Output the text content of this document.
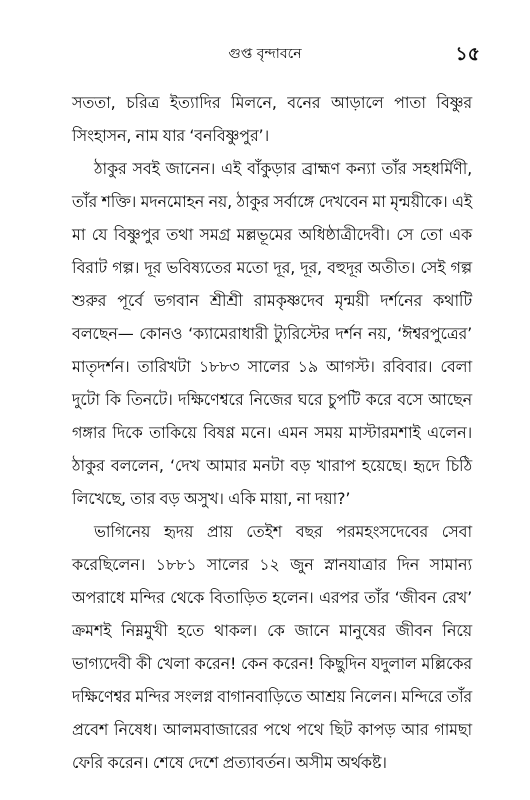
গুপ্ত বৃন্দাবনে	১৫

সততা, চরিত্র ইত্যাদির মিলনে, বনের আড়ালে পাতা বিষ্ণুর সিংহাসন, নাম যার ‘বনবিষ্ণুপুর’।

ঠাকুর সবই জানেন। এই বাঁকুড়ার ব্রাহ্মণ কন্যা তাঁর সহধর্মিণী, তাঁর শক্তি। মদনমোহন নয়, ঠাকুর সর্বাঙ্গে দেখবেন মা মৃন্ময়ীকে। এই মা যে বিষ্ণুপুর তথা সমগ্র মল্লভূমের অধিষ্ঠাত্রীদেবী। সে তো এক বিরাট গল্প। দূর ভবিষ্যতের মতো দূর, দূর, বহুদূর অতীত। সেই গল্প শুরুর পূর্বে ভগবান শ্রীশ্রী রামকৃষ্ণদেব মৃন্ময়ী দর্শনের কথাটি বলছেন— কোনও ‘ক্যামেরাধারী ট্যুরিস্টের দর্শন নয়, ‘ঈশ্বরপুত্রের’ মাতৃদর্শন। তারিখটা ১৮৮৩ সালের ১৯ আগস্ট। রবিবার। বেলা দুটো কি তিনটে। দক্ষিণেশ্বরে নিজের ঘরে চুপটি করে বসে আছেন গঙ্গার দিকে তাকিয়ে বিষণ্ণ মনে। এমন সময় মাস্টারমশাই এলেন। ঠাকুর বললেন, ‘দেখ আমার মনটা বড় খারাপ হয়েছে। হৃদে চিঠি লিখেছে, তার বড় অসুখ। একি মায়া, না দয়া?’

ভাগিনেয় হৃদয় প্রায় তেইশ বছর পরমহংসদেবের সেবা করেছিলেন। ১৮৮১ সালের ১২ জুন স্নানযাত্রার দিন সামান্য অপরাধে মন্দির থেকে বিতাড়িত হলেন। এরপর তাঁর ‘জীবন রেখ’ ক্রমশই নিম্নমুখী হতে থাকল। কে জানে মানুষের জীবন নিয়ে ভাগ্যদেবী কী খেলা করেন! কেন করেন! কিছুদিন যদুলাল মল্লিকের দক্ষিণেশ্বর মন্দির সংলগ্ন বাগানবাড়িতে আশ্রয় নিলেন। মন্দিরে তাঁর প্রবেশ নিষেধ। আলমবাজারের পথে পথে ছিট কাপড় আর গামছা ফেরি করেন। শেষে দেশে প্রত্যাবর্তন। অসীম অর্থকষ্ট।
